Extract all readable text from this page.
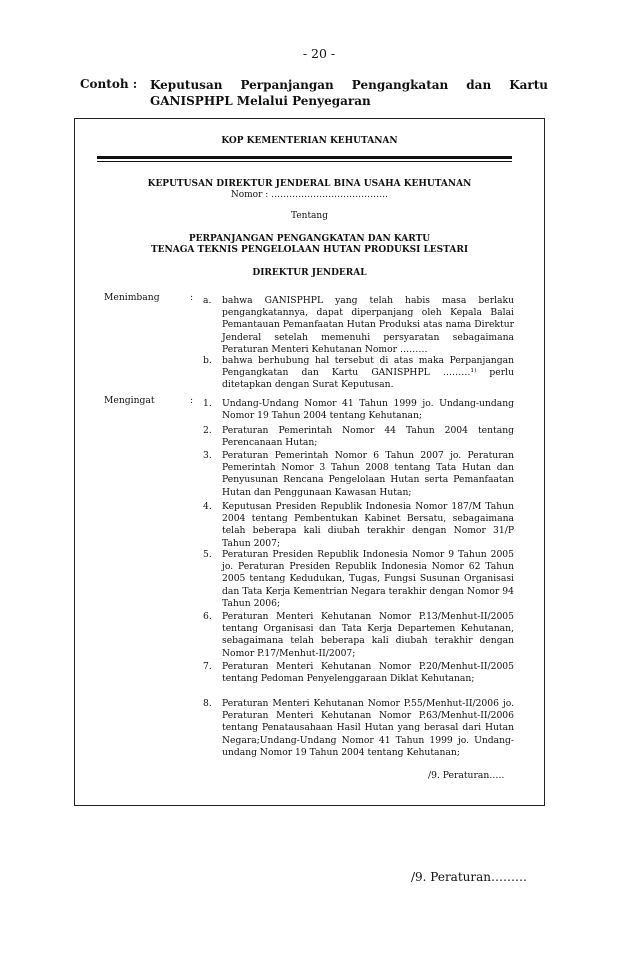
- 20 -
Contoh : Keputusan Perpanjangan Pengangkatan dan Kartu
GANISPHPL Melalui Penyegaran
KOP KEMENTERIAN KEHUTANAN
KEPUTUSAN DIREKTUR JENDERAL BINA USAHA KEHUTANAN
Nomor : …………………………………
Tentang
PERPANJANGAN PENGANGKATAN DAN KARTU
TENAGA TEKNIS PENGELOLAAN HUTAN PRODUKSI LESTARI
DIREKTUR JENDERAL
Menimbang	: a. bahwa GANISPHPL yang telah habis masa berlaku pengangkatannya, dapat diperpanjang oleh Kepala Balai Pemantauan Pemanfaatan Hutan Produksi atas nama Direktur Jenderal setelah memenuhi persyaratan sebagaimana Peraturan Menteri Kehutanan Nomor ………
b. bahwa berhubung hal tersebut di atas maka Perpanjangan Pengangkatan dan Kartu GANISPHPL ………¹⁾ perlu ditetapkan dengan Surat Keputusan.
Mengingat	: 1. Undang-Undang Nomor 41 Tahun 1999 jo. Undang-undang Nomor 19 Tahun 2004 tentang Kehutanan;
2. Peraturan Pemerintah Nomor 44 Tahun 2004 tentang Perencanaan Hutan;
3. Peraturan Pemerintah Nomor 6 Tahun 2007 jo. Peraturan Pemerintah Nomor 3 Tahun 2008 tentang Tata Hutan dan Penyusunan Rencana Pengelolaan Hutan serta Pemanfaatan Hutan dan Penggunaan Kawasan Hutan;
4. Keputusan Presiden Republik Indonesia Nomor 187/M Tahun 2004 tentang Pembentukan Kabinet Bersatu, sebagaimana telah beberapa kali diubah terakhir dengan Nomor 31/P Tahun 2007;
5. Peraturan Presiden Republik Indonesia Nomor 9 Tahun 2005 jo. Peraturan Presiden Republik Indonesia Nomor 62 Tahun 2005 tentang Kedudukan, Tugas, Fungsi Susunan Organisasi dan Tata Kerja Kementrian Negara terakhir dengan Nomor 94 Tahun 2006;
6. Peraturan Menteri Kehutanan Nomor P.13/Menhut-II/2005 tentang Organisasi dan Tata Kerja Departemen Kehutanan, sebagaimana telah beberapa kali diubah terakhir dengan Nomor P.17/Menhut-II/2007;
7. Peraturan Menteri Kehutanan Nomor P.20/Menhut-II/2005 tentang Pedoman Penyelenggaraan Diklat Kehutanan;
8. Peraturan Menteri Kehutanan Nomor P.55/Menhut-II/2006 jo. Peraturan Menteri Kehutanan Nomor P.63/Menhut-II/2006 tentang Penatausahaan Hasil Hutan yang berasal dari Hutan Negara;Undang-Undang Nomor 41 Tahun 1999 jo. Undang-undang Nomor 19 Tahun 2004 tentang Kehutanan;
/9. Peraturan…..
/9. Peraturan………
